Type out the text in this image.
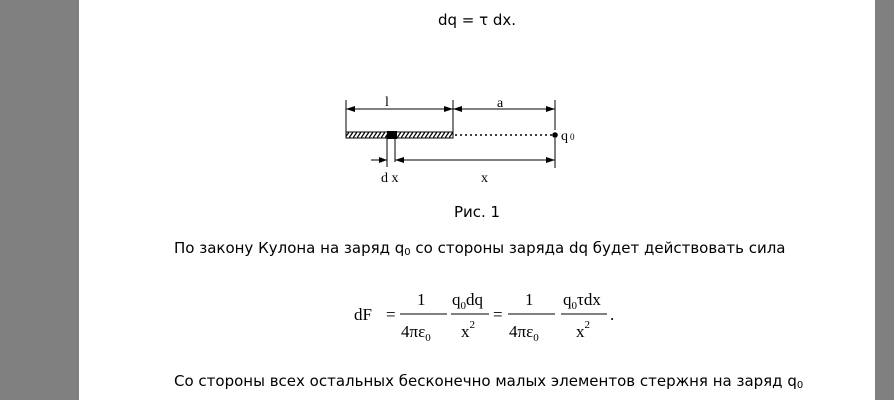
dq = τ dx.
l	a
q 0
d x	x
Рис. 1
По закону Кулона на заряд $q_0$ со стороны заряда dq будет действовать сила
dF =
1
$4\pi\varepsilon_0$
$q_0dq$
$x^2$
=
1
$4\pi\varepsilon_0$
$q_0\tau dx$
$x^2$
.
Со стороны всех остальных бесконечно малых элементов стержня на заряд $q_0$
